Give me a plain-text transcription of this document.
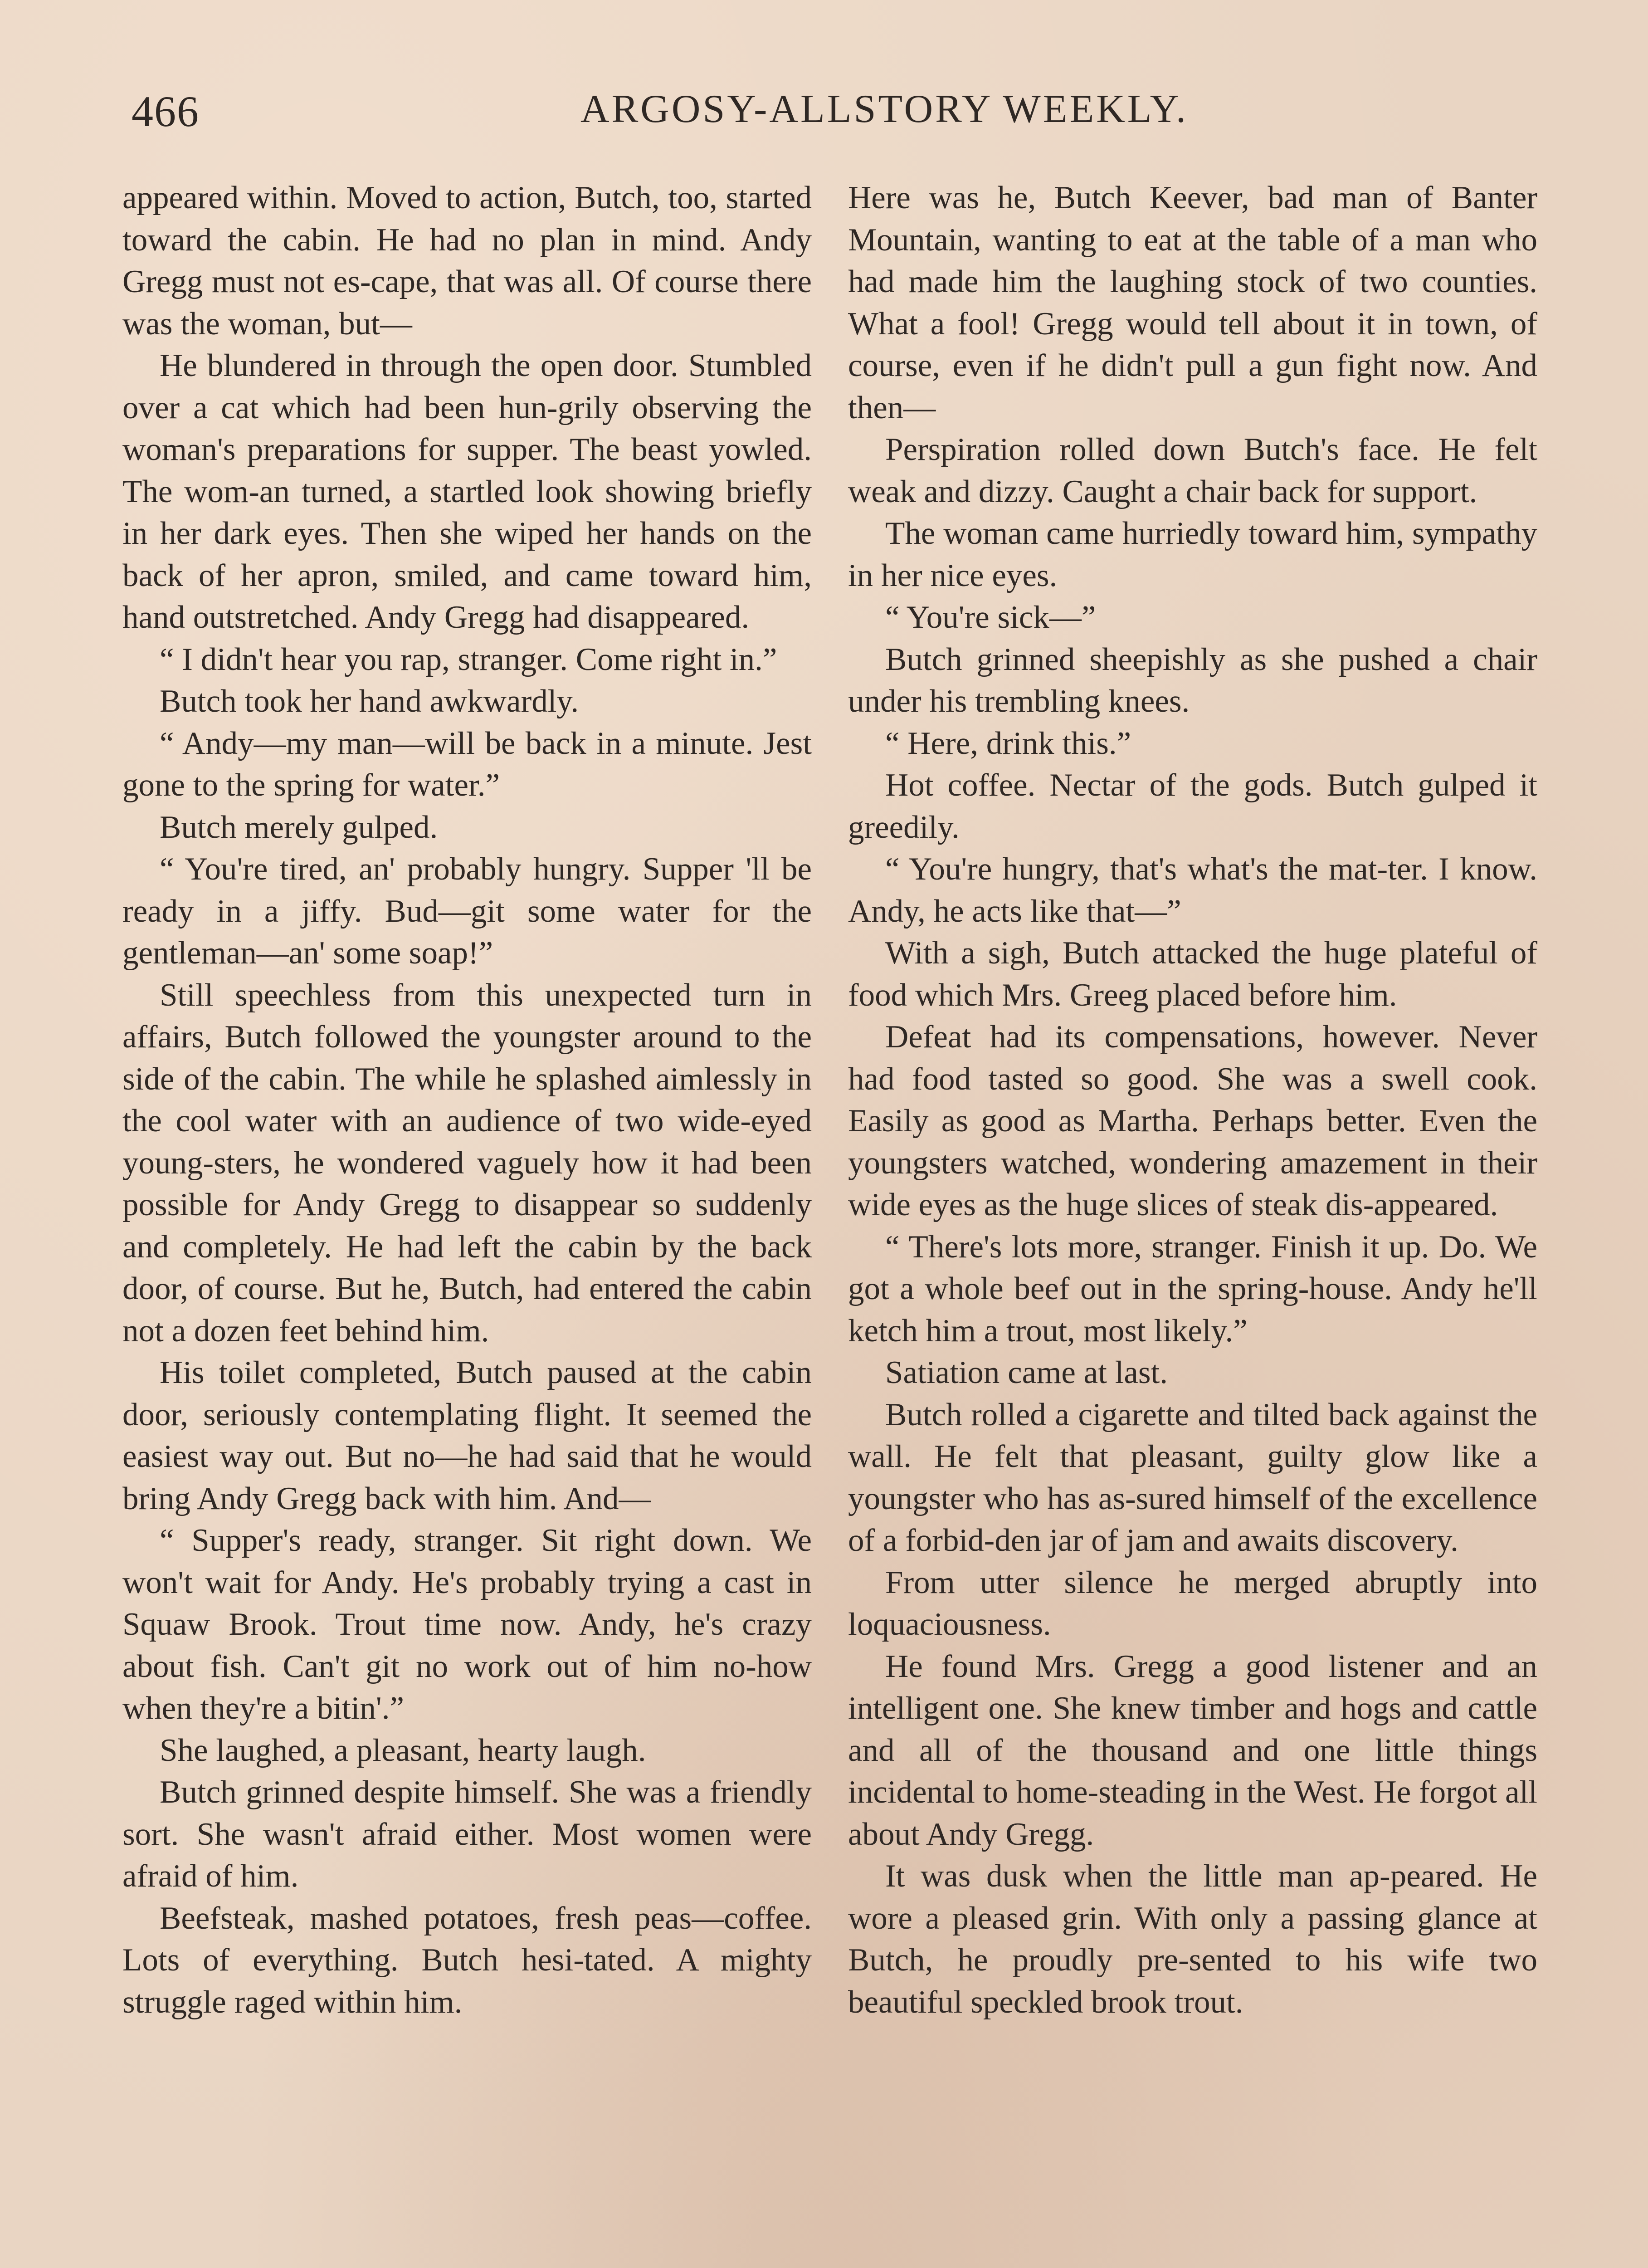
466	ARGOSY-ALLSTORY WEEKLY.

appeared within. Moved to action, Butch, too, started toward the cabin. He had no plan in mind. Andy Gregg must not es-cape, that was all. Of course there was the woman, but—

He blundered in through the open door. Stumbled over a cat which had been hun-grily observing the woman's preparations for supper. The beast yowled. The wom-an turned, a startled look showing briefly in her dark eyes. Then she wiped her hands on the back of her apron, smiled, and came toward him, hand outstretched. Andy Gregg had disappeared.

“ I didn't hear you rap, stranger. Come right in.”

Butch took her hand awkwardly.

“ Andy—my man—will be back in a minute. Jest gone to the spring for water.”

Butch merely gulped.

“ You're tired, an' probably hungry. Supper 'll be ready in a jiffy. Bud—git some water for the gentleman—an' some soap!”

Still speechless from this unexpected turn in affairs, Butch followed the youngster around to the side of the cabin. The while he splashed aimlessly in the cool water with an audience of two wide-eyed young-sters, he wondered vaguely how it had been possible for Andy Gregg to disappear so suddenly and completely. He had left the cabin by the back door, of course. But he, Butch, had entered the cabin not a dozen feet behind him.

His toilet completed, Butch paused at the cabin door, seriously contemplating flight. It seemed the easiest way out. But no—he had said that he would bring Andy Gregg back with him. And—

“ Supper's ready, stranger. Sit right down. We won't wait for Andy. He's probably trying a cast in Squaw Brook. Trout time now. Andy, he's crazy about fish. Can't git no work out of him no-how when they're a bitin'.”

She laughed, a pleasant, hearty laugh.

Butch grinned despite himself. She was a friendly sort. She wasn't afraid either. Most women were afraid of him.

Beefsteak, mashed potatoes, fresh peas—coffee. Lots of everything. Butch hesi-tated. A mighty struggle raged within him.

Here was he, Butch Keever, bad man of Banter Mountain, wanting to eat at the table of a man who had made him the laughing stock of two counties. What a fool! Gregg would tell about it in town, of course, even if he didn't pull a gun fight now. And then—

Perspiration rolled down Butch's face. He felt weak and dizzy. Caught a chair back for support.

The woman came hurriedly toward him, sympathy in her nice eyes.

“ You're sick—”

Butch grinned sheepishly as she pushed a chair under his trembling knees.

“ Here, drink this.”

Hot coffee. Nectar of the gods. Butch gulped it greedily.

“ You're hungry, that's what's the mat-ter. I know. Andy, he acts like that—”

With a sigh, Butch attacked the huge plateful of food which Mrs. Greeg placed before him.

Defeat had its compensations, however. Never had food tasted so good. She was a swell cook. Easily as good as Martha. Perhaps better. Even the youngsters watched, wondering amazement in their wide eyes as the huge slices of steak dis-appeared.

“ There's lots more, stranger. Finish it up. Do. We got a whole beef out in the spring-house. Andy he'll ketch him a trout, most likely.”

Satiation came at last.

Butch rolled a cigarette and tilted back against the wall. He felt that pleasant, guilty glow like a youngster who has as-sured himself of the excellence of a forbid-den jar of jam and awaits discovery.

From utter silence he merged abruptly into loquaciousness.

He found Mrs. Gregg a good listener and an intelligent one. She knew timber and hogs and cattle and all of the thousand and one little things incidental to home-steading in the West. He forgot all about Andy Gregg.

It was dusk when the little man ap-peared. He wore a pleased grin. With only a passing glance at Butch, he proudly pre-sented to his wife two beautiful speckled brook trout.
